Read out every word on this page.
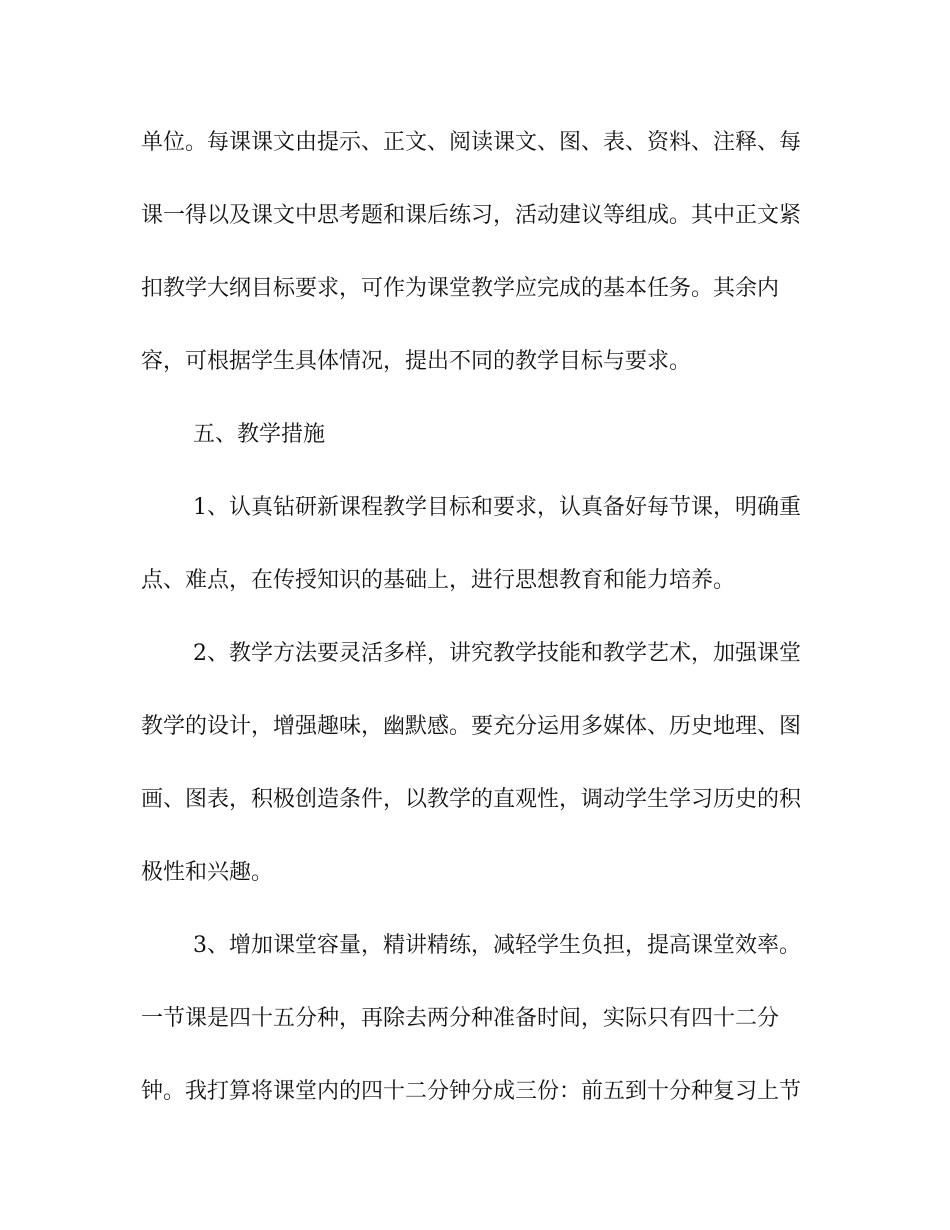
单位。每课课文由提示、正文、阅读课文、图、表、资料、注释、每
课一得以及课文中思考题和课后练习，活动建议等组成。其中正文紧
扣教学大纲目标要求，可作为课堂教学应完成的基本任务。其余内
容，可根据学生具体情况，提出不同的教学目标与要求。
五、教学措施
1、认真钻研新课程教学目标和要求，认真备好每节课，明确重
点、难点，在传授知识的基础上，进行思想教育和能力培养。
2、教学方法要灵活多样，讲究教学技能和教学艺术，加强课堂
教学的设计，增强趣味，幽默感。要充分运用多媒体、历史地理、图
画、图表，积极创造条件，以教学的直观性，调动学生学习历史的积
极性和兴趣。
3、增加课堂容量，精讲精练，减轻学生负担，提高课堂效率。
一节课是四十五分种，再除去两分种准备时间，实际只有四十二分
钟。我打算将课堂内的四十二分钟分成三份：前五到十分种复习上节
